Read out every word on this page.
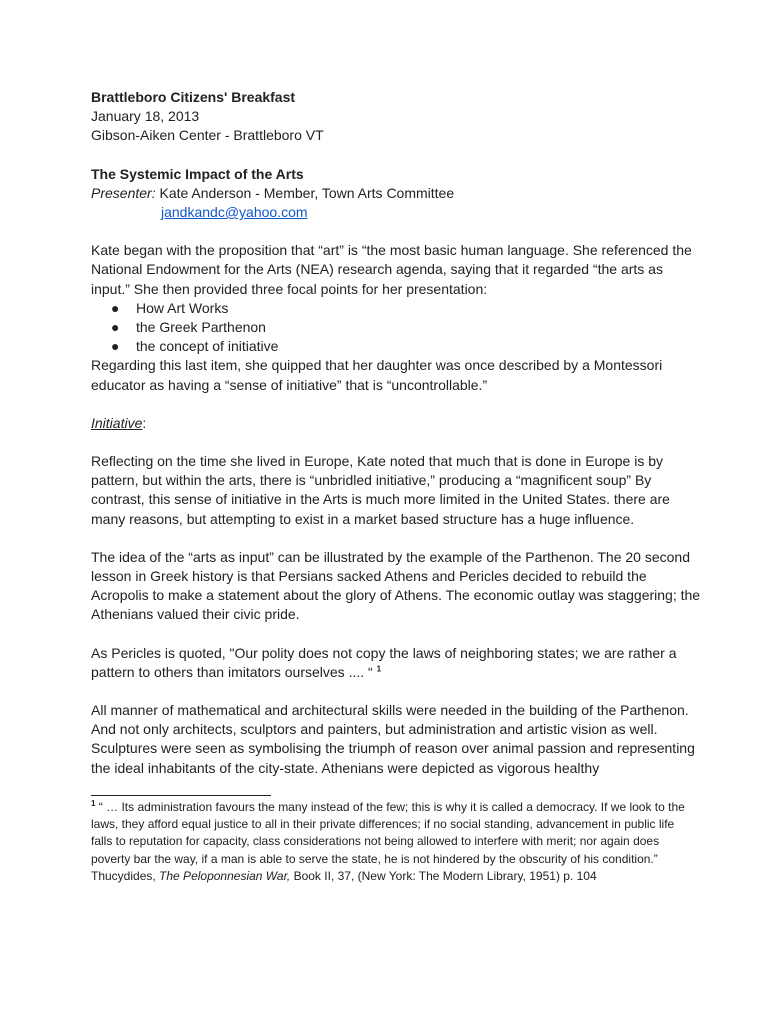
Brattleboro Citizens' Breakfast

January 18, 2013

Gibson-Aiken Center - Brattleboro VT

The Systemic Impact of the Arts

Presenter: Kate Anderson - Member, Town Arts Committee

jandkandc@yahoo.com

Kate began with the proposition that “art” is “the most basic human language. She referenced the National Endowment for the Arts (NEA) research agenda, saying that it regarded “the arts as input.” She then provided three focal points for her presentation:

● How Art Works
● the Greek Parthenon
● the concept of initiative

Regarding this last item, she quipped that her daughter was once described by a Montessori educator as having a “sense of initiative” that is “uncontrollable.”

Initiative:

Reflecting on the time she lived in Europe, Kate noted that much that is done in Europe is by pattern, but within the arts, there is “unbridled initiative,” producing a “magnificent soup” By contrast, this sense of initiative in the Arts is much more limited in the United States. there are many reasons, but attempting to exist in a market based structure has a huge influence.

The idea of the “arts as input” can be illustrated by the example of the Parthenon. The 20 second lesson in Greek history is that Persians sacked Athens and Pericles decided to rebuild the Acropolis to make a statement about the glory of Athens. The economic outlay was staggering; the Athenians valued their civic pride.

As Pericles is quoted, "Our polity does not copy the laws of neighboring states; we are rather a pattern to others than imitators ourselves .... “ $^1$

All manner of mathematical and architectural skills were needed in the building of the Parthenon. And not only architects, sculptors and painters, but administration and artistic vision as well. Sculptures were seen as symbolising the triumph of reason over animal passion and representing the ideal inhabitants of the city-state. Athenians were depicted as vigorous healthy

$^1$ “ … Its administration favours the many instead of the few; this is why it is called a democracy. If we look to the laws, they afford equal justice to all in their private differences; if no social standing, advancement in public life falls to reputation for capacity, class considerations not being allowed to interfere with merit; nor again does poverty bar the way, if a man is able to serve the state, he is not hindered by the obscurity of his condition.” Thucydides, The Peloponnesian War, Book II, 37, (New York: The Modern Library, 1951) p. 104
